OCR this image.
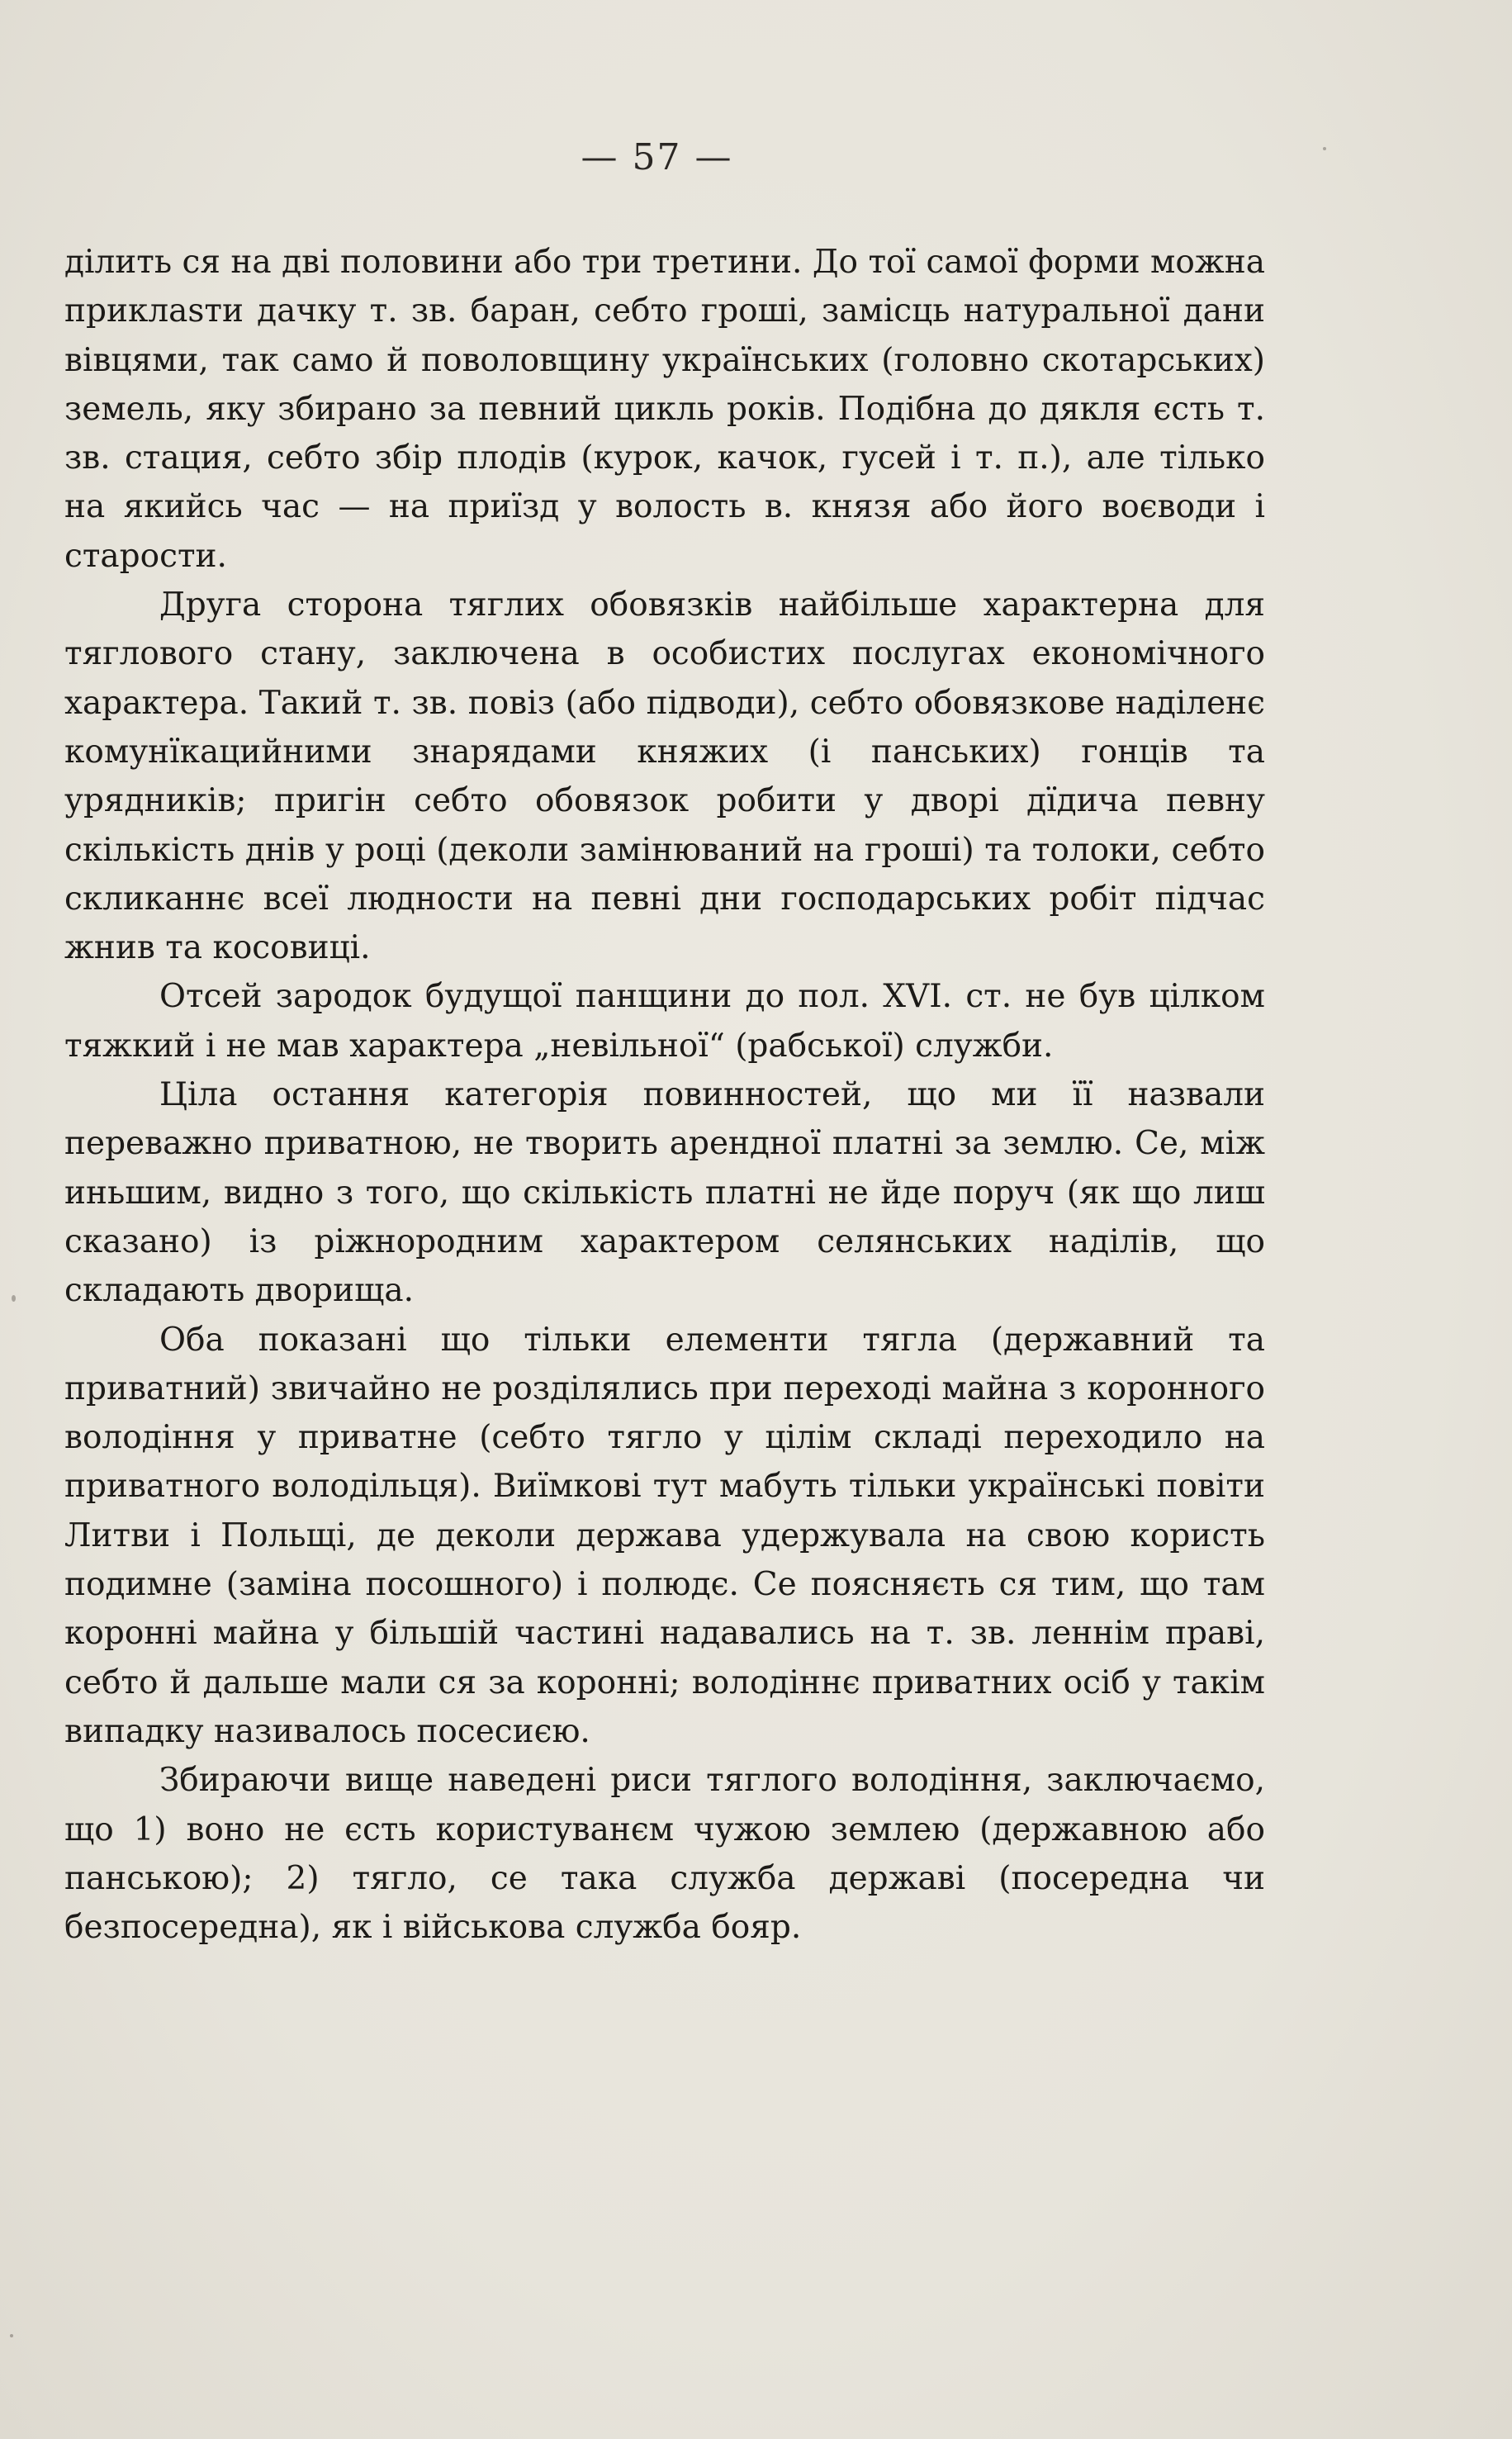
— 57 —

ділить ся на дві половини або три третини. До тої самої форми можна приклasти дачку т. зв. баран, себто гроші, замісць натуральної дани вівцями, так само й поволовщину українських (головно скотарських) земель, яку збирано за певний цикль років. Подібна до дякля єсть т. зв. стация, себто збір плодів (курок, качок, гусей і т. п.), але тілько на якийсь час — на приїзд у волость в. князя або його воєводи і старости.

Друга сторона тяглих обовязків найбільше характерна для тяглового стану, заключена в особистих послугах економічного характера. Такий т. зв. повіз (або підводи), себто обовязкове наділенє комунїкацийними знарядами княжих (і панських) гонців та урядників; пригін себто обовязок робити у дворі дїдича певну скількість днів у році (деколи замінюваний на гроші) та толоки, себто скликаннє всеї людности на певні дни господарських робіт підчас жнив та косовиці.

Отсей зародок будущої панщини до пол. XVI. ст. не був цілком тяжкий і не мав характера „невільної“ (рабської) служби.

Ціла остання категорія повинностей, що ми її назвали переважно приватною, не творить арендної платні за землю. Се, між иньшим, видно з того, що скількість платні не йде поруч (як що лиш сказано) із ріжнородним характером селянських наділів, що складають дворища.

Оба показані що тільки елементи тягла (державний та приватний) звичайно не розділялись при переході майна з коронного володіння у приватне (себто тягло у цілім складі переходило на приватного володільця). Виїмкові тут мабуть тільки українські повіти Литви і Польщі, де деколи держава удержувала на свою користь подимне (заміна посошного) і полюдє. Се поясняєть ся тим, що там коронні майна у більшій частині надавались на т. зв. леннім праві, себто й дальше мали ся за коронні; володіннє приватних осіб у такім випадку називалось посесиєю.

Збираючи вище наведені риси тяглого володіння, заключаємо, що 1) воно не єсть користуванєм чужою землею (державною або панською); 2) тягло, се така служба державі (посередна чи безпосередна), як і військова служба бояр.
